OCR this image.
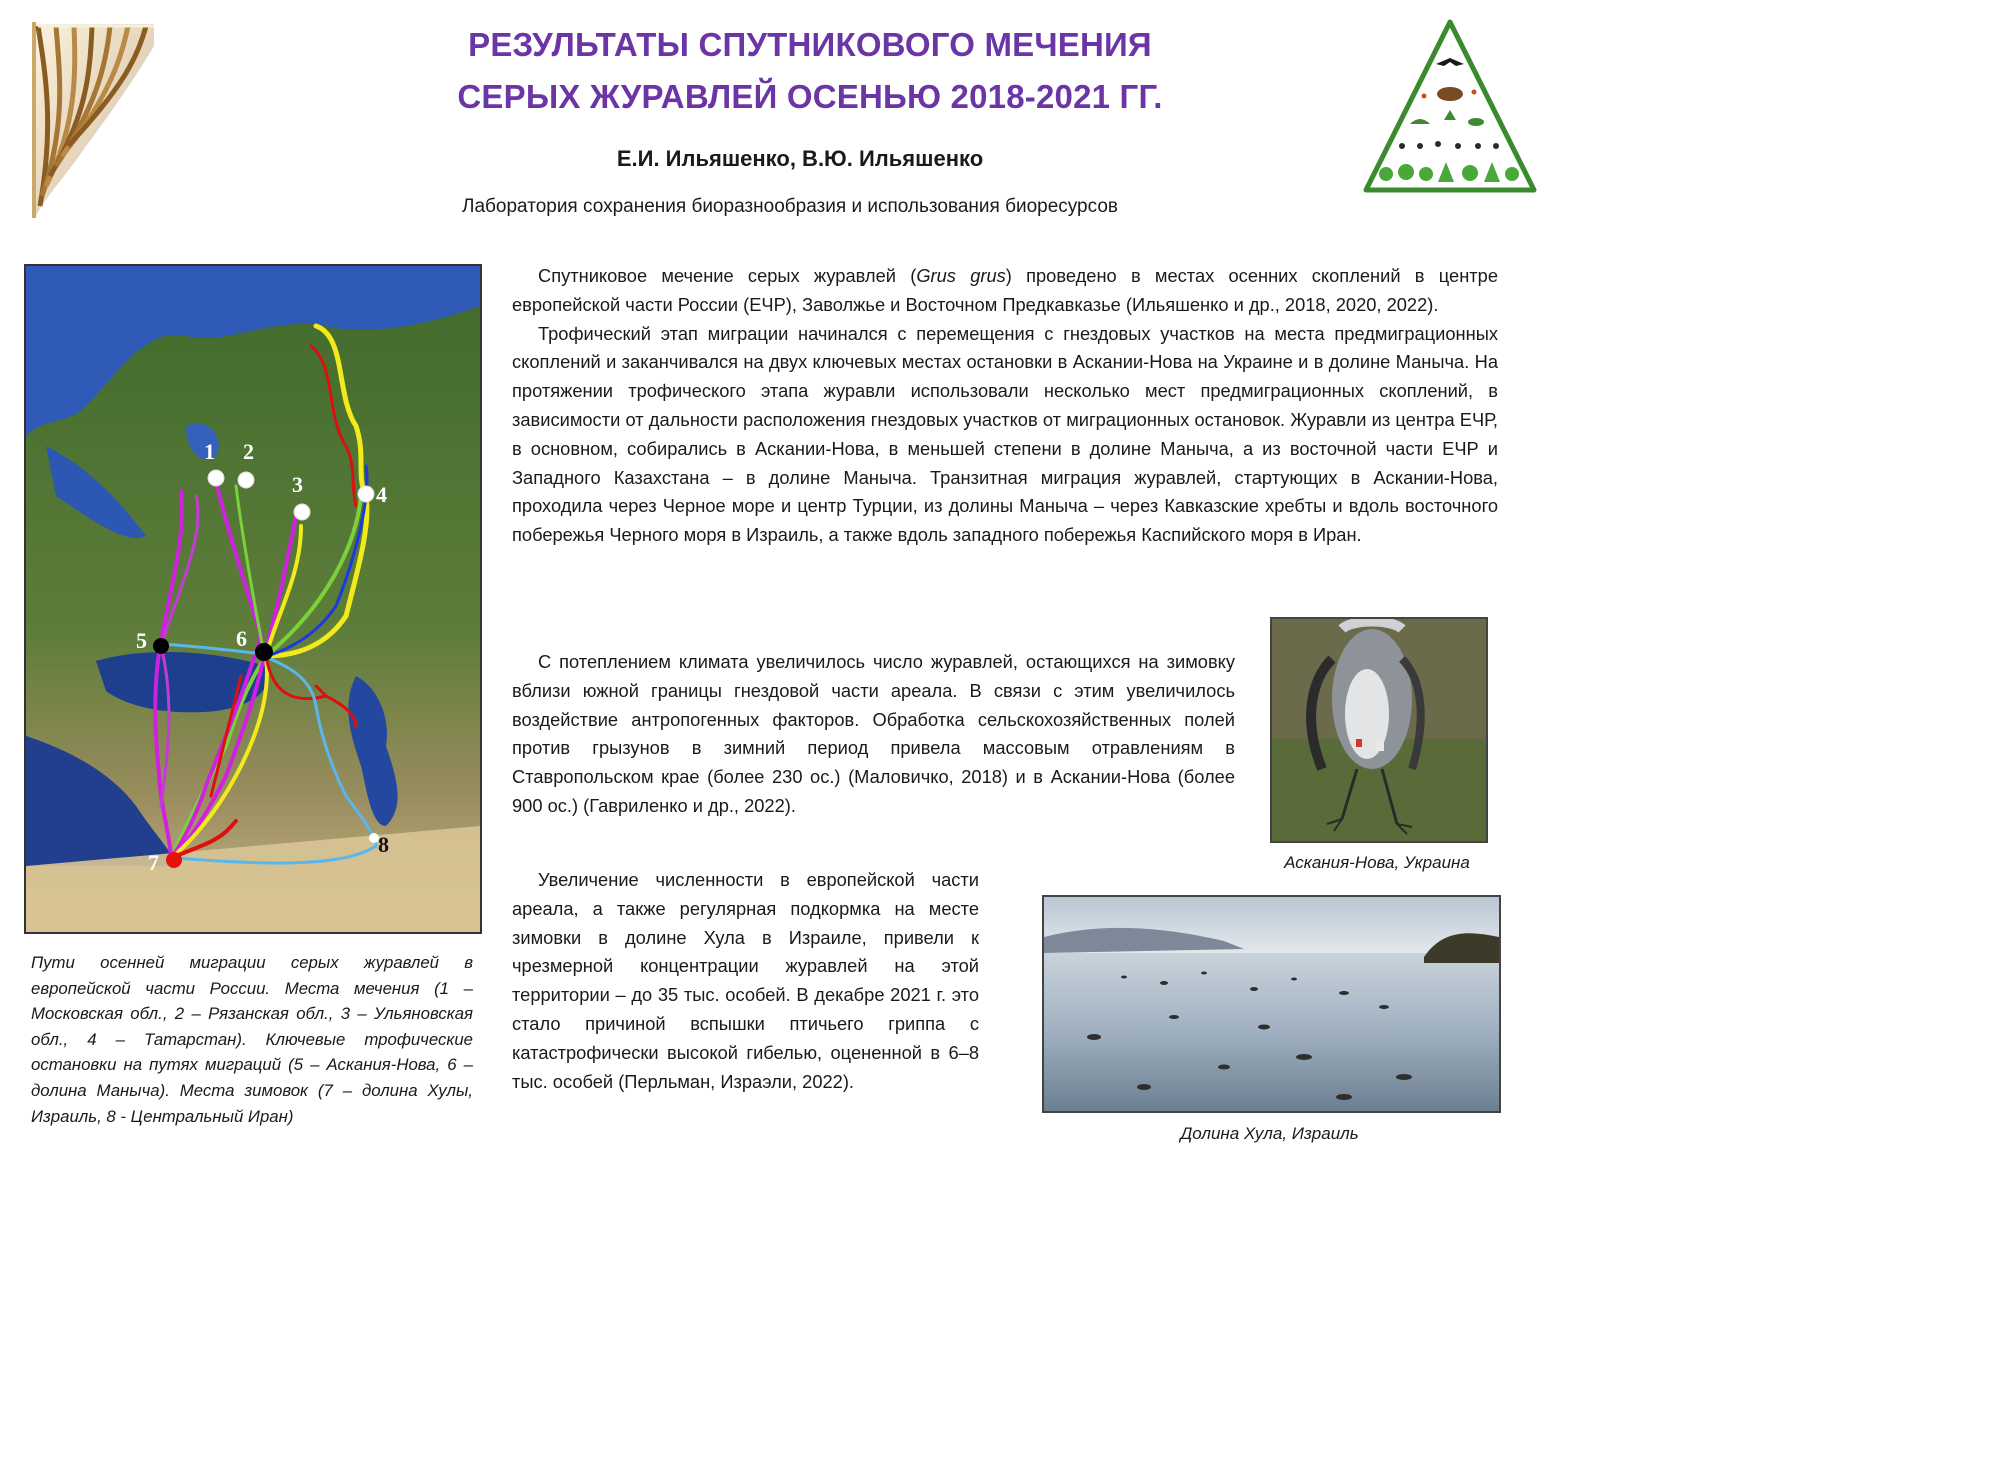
РЕЗУЛЬТАТЫ СПУТНИКОВОГО МЕЧЕНИЯ
СЕРЫХ ЖУРАВЛЕЙ ОСЕНЬЮ 2018-2021 ГГ.
Е.И. Ильяшенко, В.Ю. Ильяшенко
Лаборатория сохранения биоразнообразия и использования биоресурсов
1 2
3	4
5	6
7
8
Пути осенней миграции серых журавлей в европейской части России. Места мечения (1 – Московская обл., 2 – Рязанская обл., 3 – Ульяновская обл., 4 – Татарстан). Ключевые трофические остановки на путях миграций (5 – Аскания-Нова, 6 – долина Маныча). Места зимовок (7 – долина Хулы, Израиль, 8 - Центральный Иран)

Спутниковое мечение серых журавлей (Grus grus) проведено в местах осенних скоплений в центре европейской части России (ЕЧР), Заволжье и Восточном Предкавказье (Ильяшенко и др., 2018, 2020, 2022).

Трофический этап миграции начинался с перемещения с гнездовых участков на места предмиграционных скоплений и заканчивался на двух ключевых местах остановки в Аскании-Нова на Украине и в долине Маныча. На протяжении трофического этапа журавли использовали несколько мест предмиграционных скоплений, в зависимости от дальности расположения гнездовых участков от миграционных остановок. Журавли из центра ЕЧР, в основном, собирались в Аскании-Нова, в меньшей степени в долине Маныча, а из восточной части ЕЧР и Западного Казахстана – в долине Маныча. Транзитная миграция журавлей, стартующих в Аскании-Нова, проходила через Черное море и центр Турции, из долины Маныча – через Кавказские хребты и вдоль восточного побережья Черного моря в Израиль, а также вдоль западного побережья Каспийского моря в Иран.

С потеплением климата увеличилось число журавлей, остающихся на зимовку вблизи южной границы гнездовой части ареала. В связи с этим увеличилось воздействие антропогенных факторов. Обработка сельскохозяйственных полей против грызунов в зимний период привела массовым отравлениям в Ставропольском крае (более 230 ос.) (Маловичко, 2018) и в Аскании-Нова (более 900 ос.) (Гавриленко и др., 2022).

Увеличение численности в европейской части ареала, а также регулярная подкормка на месте зимовки в долине Хула в Израиле, привели к чрезмерной концентрации журавлей на этой территории – до 35 тыс. особей. В декабре 2021 г. это стало причиной вспышки птичьего гриппа с катастрофически высокой гибелью, оцененной в 6–8 тыс. особей (Перльман, Израэли, 2022).

Аскания-Нова, Украина
Долина Хула, Израиль
